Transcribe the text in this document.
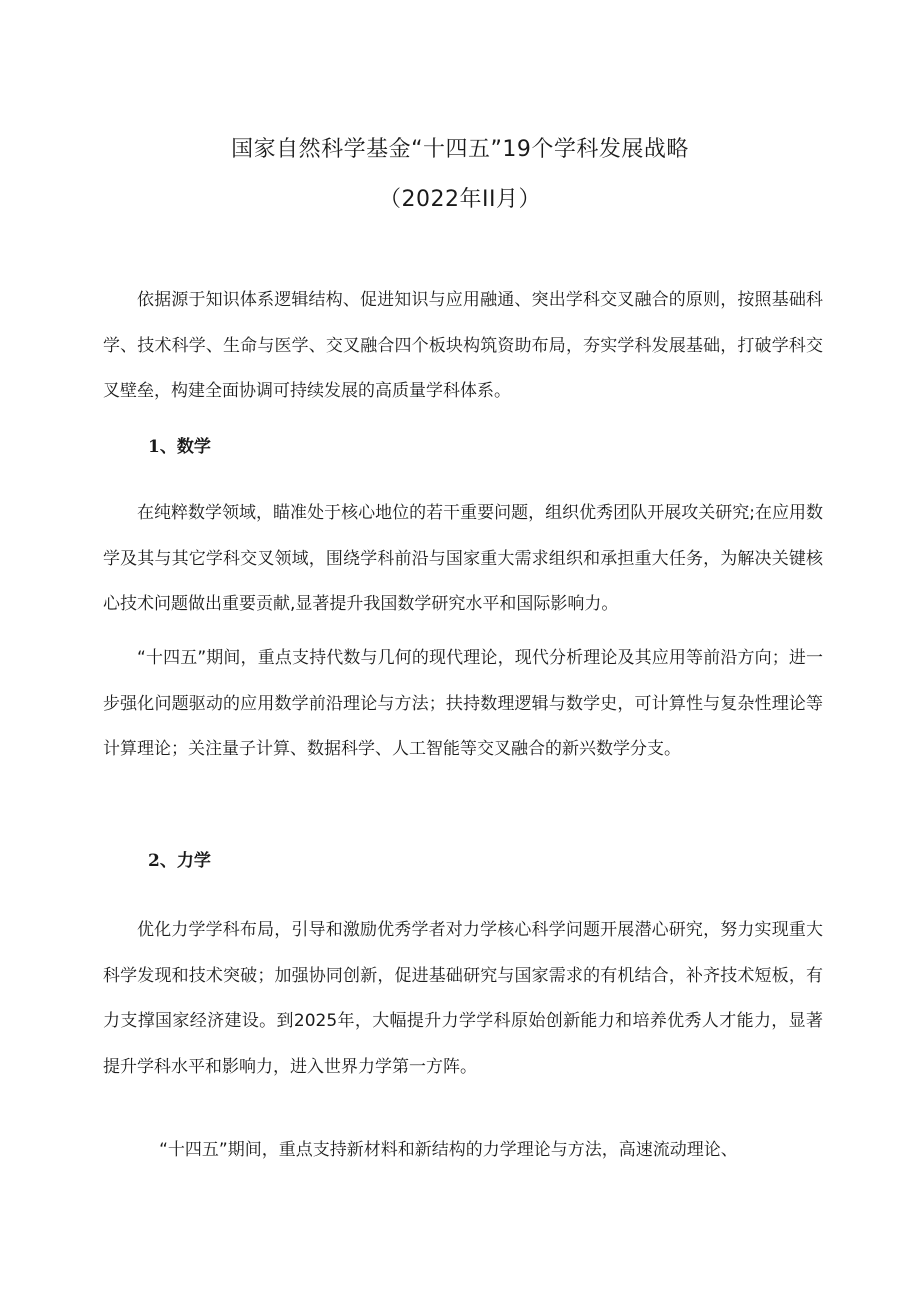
国家自然科学基金“十四五”19个学科发展战略
（2022年II月）
依据源于知识体系逻辑结构、促进知识与应用融通、突出学科交叉融合的原则，按照基础科学、技术科学、生命与医学、交叉融合四个板块构筑资助布局，夯实学科发展基础，打破学科交叉壁垒，构建全面协调可持续发展的高质量学科体系。
1、数学
在纯粹数学领域，瞄准处于核心地位的若干重要问题，组织优秀团队开展攻关研究;在应用数学及其与其它学科交叉领域，围绕学科前沿与国家重大需求组织和承担重大任务，为解决关键核心技术问题做出重要贡献,显著提升我国数学研究水平和国际影响力。
“十四五”期间，重点支持代数与几何的现代理论，现代分析理论及其应用等前沿方向；进一步强化问题驱动的应用数学前沿理论与方法；扶持数理逻辑与数学史，可计算性与复杂性理论等计算理论；关注量子计算、数据科学、人工智能等交叉融合的新兴数学分支。
2、力学
优化力学学科布局，引导和激励优秀学者对力学核心科学问题开展潜心研究，努力实现重大科学发现和技术突破；加强协同创新，促进基础研究与国家需求的有机结合，补齐技术短板，有力支撑国家经济建设。到2025年，大幅提升力学学科原始创新能力和培养优秀人才能力，显著提升学科水平和影响力，进入世界力学第一方阵。
“十四五”期间，重点支持新材料和新结构的力学理论与方法，高速流动理论、
